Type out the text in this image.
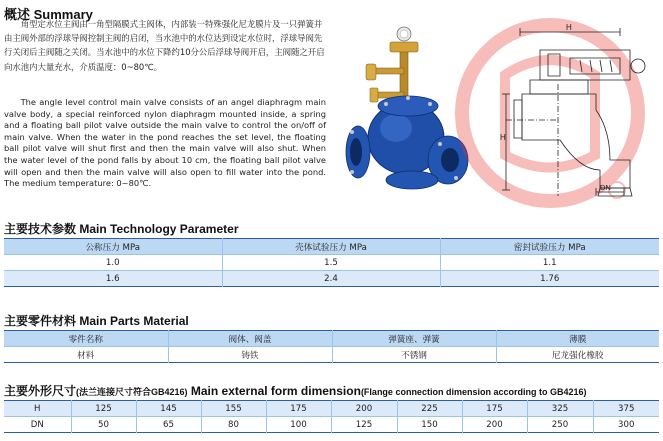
概述 Summary
角型定水位主阀由一角型隔膜式主阀体，内部装一特殊强化尼龙膜片及一只弹簧并由主阀外部的浮球导阀控制主阀的启闭，当水池中的水位达到设定水位时，浮球导阀先行关闭后主阀随之关闭。当水池中的水位下降约10分公后浮球导阀开启，主阀随之开启向水池内大量充水，介质温度：0~80℃。
The angle level control main valve consists of an angel diaphragm main valve body, a special reinforced nylon diaphragm mounted inside, a spring and a floating ball pilot valve outside the main valve to control the on/off of main valve. When the water in the pond reaches the set level, the floating ball pilot valve will shut first and then the main valve will also shut. When the water level of the pond falls by about 10 cm, the floating ball pilot valve will open and then the main valve will also open to fill water into the pond. The medium temperature: 0~80℃.
H
H
DN
主要技术参数 Main Technology Parameter
公称压力 MPa	壳体试验压力 MPa	密封试验压力 MPa
1.0	1.5	1.1
1.6	2.4	1.76
主要零件材料 Main Parts Material
零件名称	阀体、阀盖	弹簧座、弹簧	薄膜
材料	铸铁	不锈钢	尼龙强化橡胶
主要外形尺寸(法兰连接尺寸符合GB4216) Main external form dimension(Flange connection dimension according to GB4216)
H	125	145	155	175	200	225	175	325	375
DN	50	65	80	100	125	150	200	250	300
